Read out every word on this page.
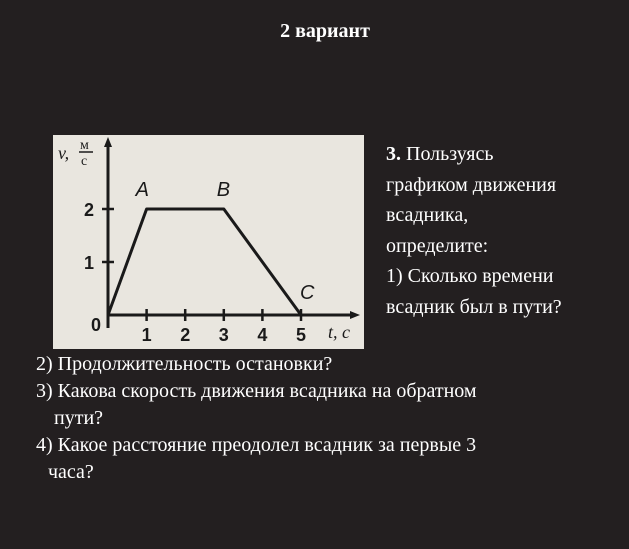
2 вариант
v, м
с
t, с
0 1 2 3 4 5
1
2
A	B
C
3. Пользуясь
графиком движения
всадника,
определите:
1) Сколько времени
всадник был в пути?
2) Продолжительность остановки?
3) Какова скорость движения всадника на обратном
пути?
4) Какое расстояние преодолел всадник за первые 3
часа?
